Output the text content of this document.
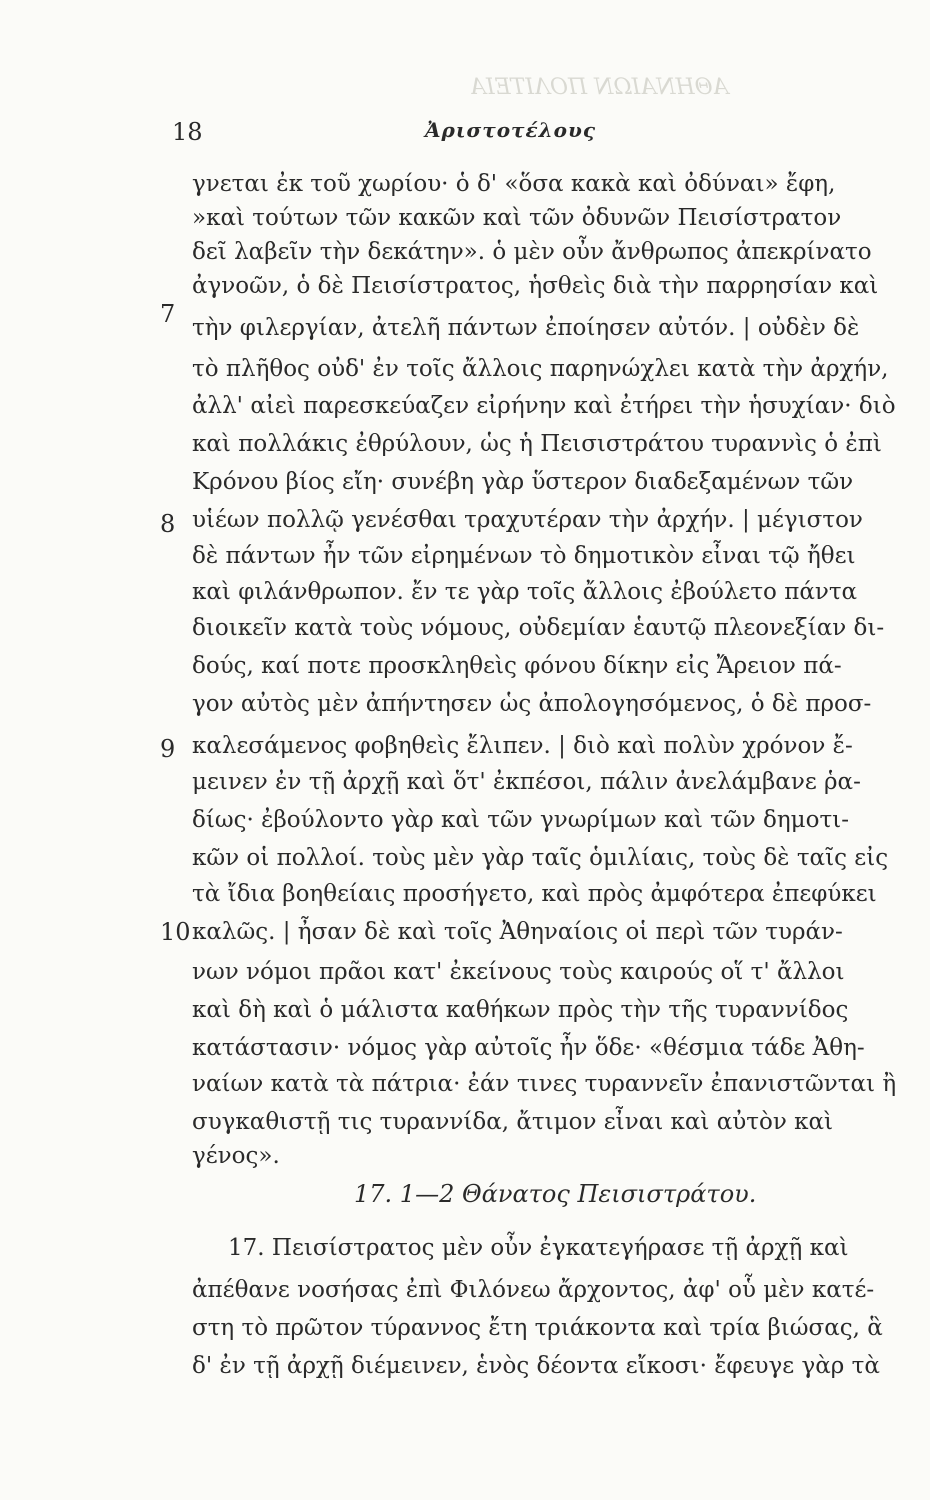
ΑΘΗΝΑΙΩΝ ΠΟΛΙΤΕΙΑ
18	Ἀριστοτέλους
7
8
9
10
γνεται ἐκ τοῦ χωρίου· ὁ δ' «ὅσα κακὰ καὶ ὀδύναι» ἔφη,
»καὶ τούτων τῶν κακῶν καὶ τῶν ὀδυνῶν Πεισίστρατον
δεῖ λαβεῖν τὴν δεκάτην». ὁ μὲν οὖν ἄνθρωπος ἀπεκρίνατο
ἀγνοῶν, ὁ δὲ Πεισίστρατος, ἡσθεὶς διὰ τὴν παρρησίαν καὶ
τὴν φιλεργίαν, ἀτελῆ πάντων ἐποίησεν αὐτόν. | οὐδὲν δὲ
τὸ πλῆθος οὐδ' ἐν τοῖς ἄλλοις παρηνώχλει κατὰ τὴν ἀρχήν,
ἀλλ' αἰεὶ παρεσκεύαζεν εἰρήνην καὶ ἐτήρει τὴν ἡσυχίαν· διὸ
καὶ πολλάκις ἐθρύλουν, ὡς ἡ Πεισιστράτου τυραννὶς ὁ ἐπὶ
Κρόνου βίος εἴη· συνέβη γὰρ ὕστερον διαδεξαμένων τῶν
υἱέων πολλῷ γενέσθαι τραχυτέραν τὴν ἀρχήν. | μέγιστον
δὲ πάντων ἦν τῶν εἰρημένων τὸ δημοτικὸν εἶναι τῷ ἤθει
καὶ φιλάνθρωπον. ἔν τε γὰρ τοῖς ἄλλοις ἐβούλετο πάντα
διοικεῖν κατὰ τοὺς νόμους, οὐδεμίαν ἑαυτῷ πλεονεξίαν δι-
δούς, καί ποτε προσκληθεὶς φόνου δίκην εἰς Ἄρειον πά-
γον αὐτὸς μὲν ἀπήντησεν ὡς ἀπολογησόμενος, ὁ δὲ προσ-
καλεσάμενος φοβηθεὶς ἔλιπεν. | διὸ καὶ πολὺν χρόνον ἔ-
μεινεν ἐν τῇ ἀρχῇ καὶ ὅτ' ἐκπέσοι, πάλιν ἀνελάμβανε ῥα-
δίως· ἐβούλοντο γὰρ καὶ τῶν γνωρίμων καὶ τῶν δημοτι-
κῶν οἱ πολλοί. τοὺς μὲν γὰρ ταῖς ὁμιλίαις, τοὺς δὲ ταῖς εἰς
τὰ ἴδια βοηθείαις προσήγετο, καὶ πρὸς ἀμφότερα ἐπεφύκει
καλῶς. | ἦσαν δὲ καὶ τοῖς Ἀθηναίοις οἱ περὶ τῶν τυράν-
νων νόμοι πρᾶοι κατ' ἐκείνους τοὺς καιρούς οἵ τ' ἄλλοι
καὶ δὴ καὶ ὁ μάλιστα καθήκων πρὸς τὴν τῆς τυραννίδος
κατάστασιν· νόμος γὰρ αὐτοῖς ἦν ὅδε· «θέσμια τάδε Ἀθη-
ναίων κατὰ τὰ πάτρια· ἐάν τινες τυραννεῖν ἐπανιστῶνται ἢ
συγκαθιστῇ τις τυραννίδα, ἄτιμον εἶναι καὶ αὐτὸν καὶ
γένος».
17. 1—2 Θάνατος Πεισιστράτου.
17. Πεισίστρατος μὲν οὖν ἐγκατεγήρασε τῇ ἀρχῇ καὶ
ἀπέθανε νοσήσας ἐπὶ Φιλόνεω ἄρχοντος, ἀφ' οὗ μὲν κατέ-
στη τὸ πρῶτον τύραννος ἔτη τριάκοντα καὶ τρία βιώσας, ἃ
δ' ἐν τῇ ἀρχῇ διέμεινεν, ἑνὸς δέοντα εἴκοσι· ἔφευγε γὰρ τὰ
